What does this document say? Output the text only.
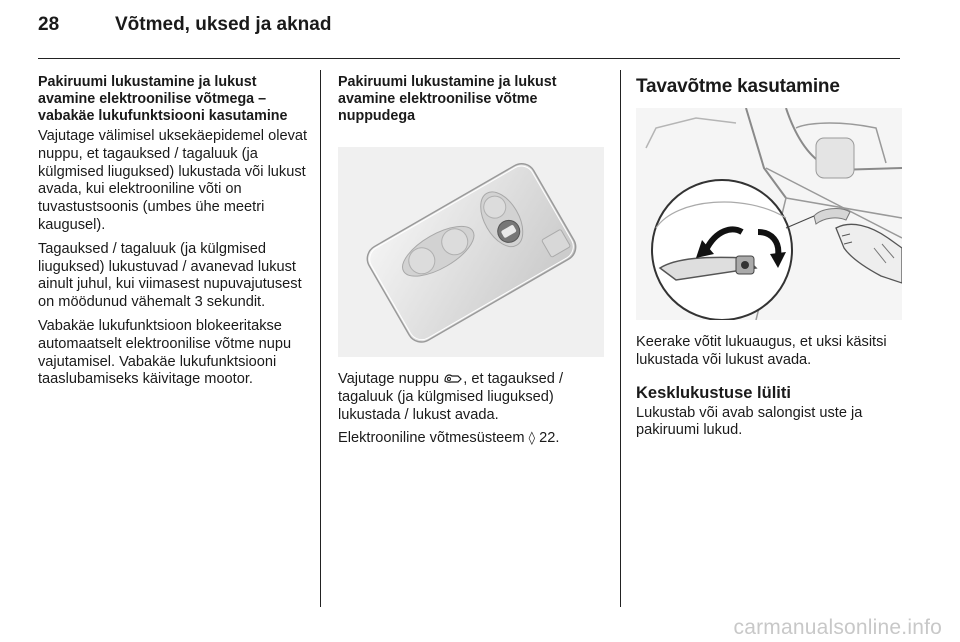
28	Võtmed, uksed ja aknad

Pakiruumi lukustamine ja lukust avamine elektroonilise võtmega – vabakäe lukufunktsiooni kasutamine

Vajutage välimisel uksekäepidemel olevat nuppu, et tagauksed / tagaluuk (ja külgmised liuguksed) lukustada või lukust avada, kui elektrooniline võti on tuvastustsoonis (umbes ühe meetri kaugusel).

Tagauksed / tagaluuk (ja külgmised liuguksed) lukustuvad / avanevad lukust ainult juhul, kui viimasest nupuvajutusest on möödunud vähemalt 3 sekundit.

Vabakäe lukufunktsioon blokeeritakse automaatselt elektroonilise võtme nupu vajutamisel. Vabakäe lukufunktsiooni taaslubamiseks käivitage mootor.

Pakiruumi lukustamine ja lukust avamine elektroonilise võtme nuppudega

Vajutage nuppu , et tagauksed / tagaluuk (ja külgmised liuguksed) lukustada / lukust avada.

Elektrooniline võtmesüsteem ◊ 22.

Tavavõtme kasutamine

Keerake võtit lukuaugus, et uksi käsitsi lukustada või lukust avada.

Kesklukustuse lüliti

Lukustab või avab salongist uste ja pakiruumi lukud.

carmanualsonline.info
